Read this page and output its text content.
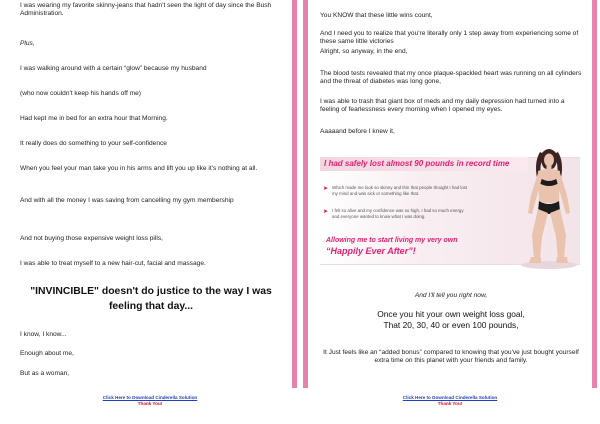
I was wearing my favorite skinny-jeans that hadn't seen the light of day since the Bush Administration.
Plus,
I was walking around with a certain “glow” because my husband
(who now couldn't keep his hands off me)
Had kept me in bed for an extra hour that Morning.
It really does do something to your self-confidence
When you feel your man take you in his arms and lift you up like it's nothing at all.
And with all the money I was saving from cancelling my gym membership
And not buying those expensive weight loss pills,
I was able to treat myself to a new hair-cut, facial and massage.
"INVINCIBLE" doesn't do justice to the way I was feeling that day...
I know, I know...
Enough about me,
But as a woman,
You KNOW that these little wins count,
And I need you to realize that you're literally only 1 step away from experiencing some of these same little victories
Alright, so anyway, in the end,
The blood tests revealed that my once plaque-spackled heart was running on all cylinders and the threat of diabetes was long gone,
I was able to trash that giant box of meds and my daily depression had turned into a feeling of fearlessness every morning when I opened my eyes.
Aaaaand before I knew it,
I had safely lost almost 90 pounds in record time
➤ Which made me look so skinny and thin that people thought I had lost my mind and was sick or something like that.
➤ I felt so alive and my confidence was so high, I had so much energy and everyone wanted to know what I was doing.
Allowing me to start living my very own
“Happily Ever After”!
And I'll tell you right now,
Once you hit your own weight loss goal,
That 20, 30, 40 or even 100 pounds,
It Just feels like an “added bonus” compared to knowing that you've just bought yourself extra time on this planet with your friends and family.
Click Here to Download Cinderella Solution
Thank You!
Click Here to Download Cinderella Solution
Thank You!
